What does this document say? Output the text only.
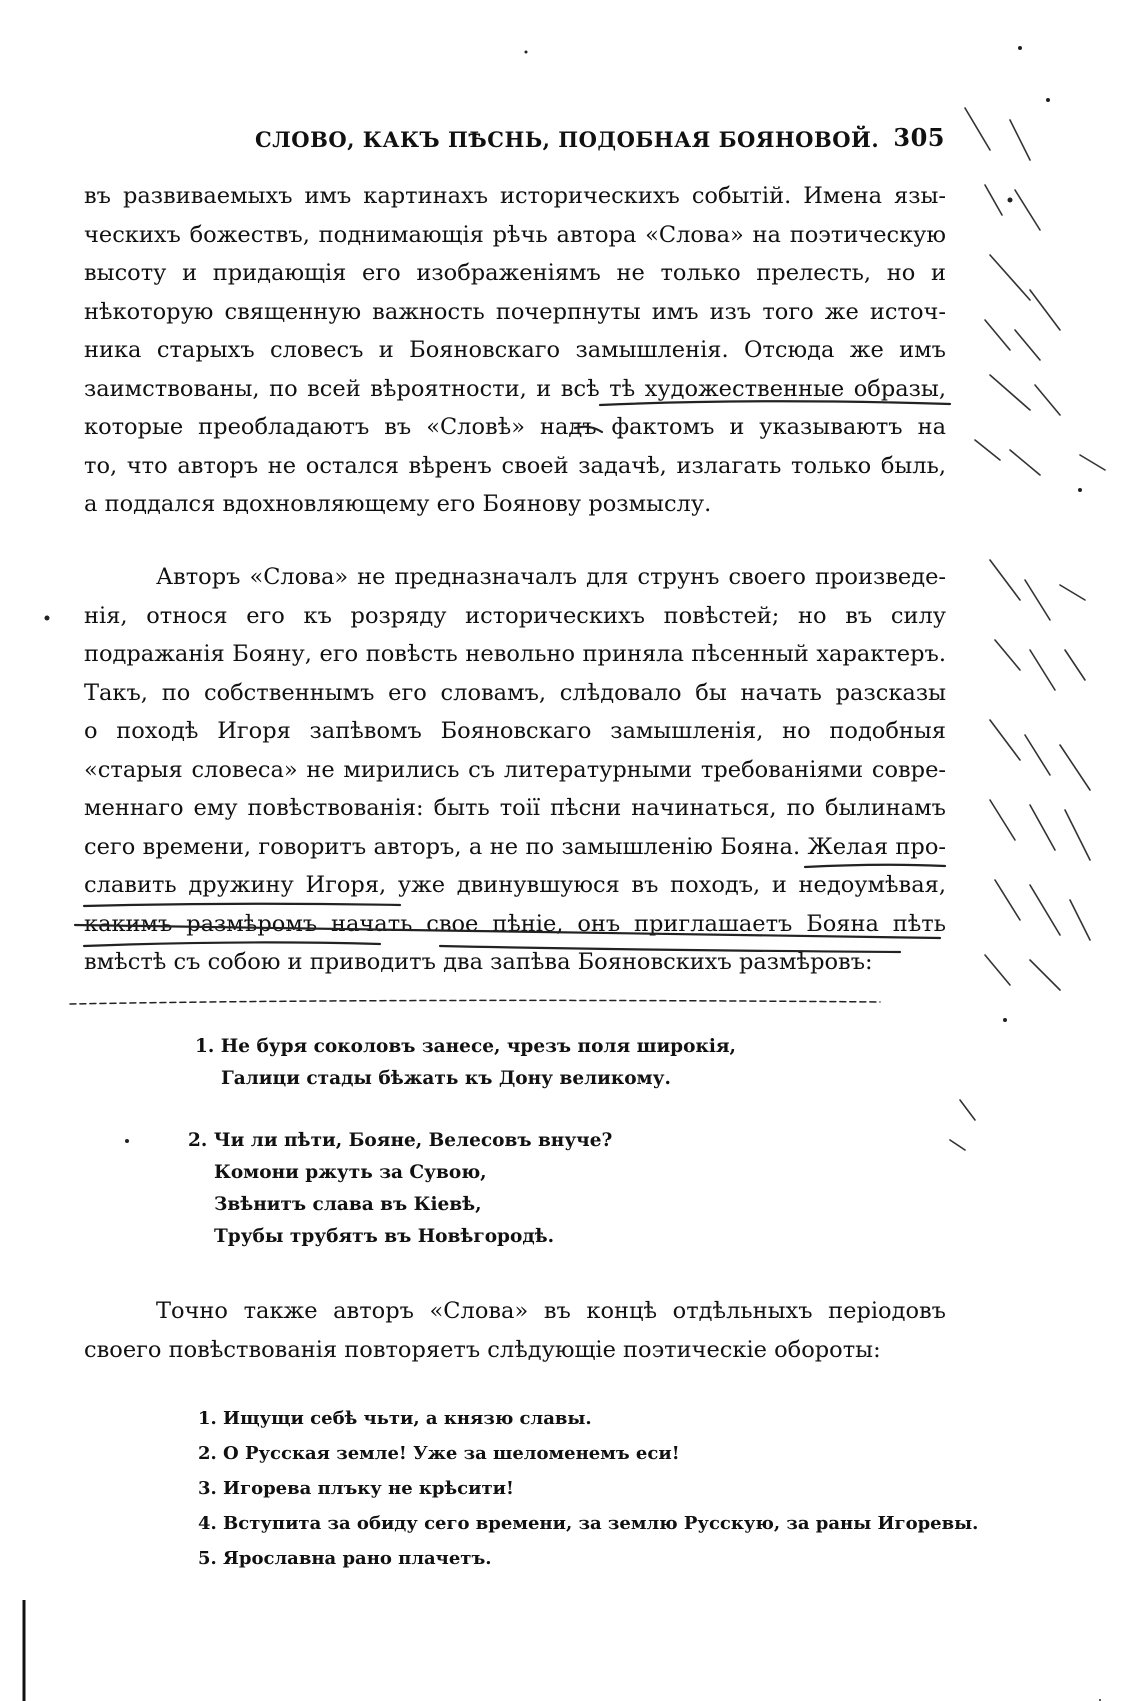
СЛОВО, КАКЪ ПѢСНЬ, ПОДОБНАЯ БОЯНОВОЙ. 305
въ развиваемыхъ имъ картинахъ историческихъ событій. Имена язы-
ческихъ божествъ, поднимающія рѣчь автора «Слова» на поэтическую
высоту и придающія его изображеніямъ не только прелесть, но и
нѣкоторую священную важность почерпнуты имъ изъ того же источ-
ника старыхъ словесъ и Бояновскаго замышленія. Отсюда же имъ
заимствованы, по всей вѣроятности, и всѣ тѣ художественные образы,
которые преобладаютъ въ «Словѣ» надъ фактомъ и указываютъ на
то, что авторъ не остался вѣренъ своей задачѣ, излагать только быль,
а поддался вдохновляющему его Боянову розмыслу.
Авторъ «Слова» не предназначалъ для струнъ своего произведе-
нія, относя его къ розряду историческихъ повѣстей; но въ силу
подражанія Бояну, его повѣсть невольно приняла пѣсенный характеръ.
Такъ, по собственнымъ его словамъ, слѣдовало бы начать разсказы
о походѣ Игоря запѣвомъ Бояновскаго замышленія, но подобныя
«старыя словеса» не мирились съ литературными требованіями совре-
меннаго ему повѣствованія: быть тоії пѣсни начинаться, по былинамъ
сего времени, говоритъ авторъ, а не по замышленію Бояна. Желая про-
славить дружину Игоря, уже двинувшуюся въ походъ, и недоумѣвая,
какимъ размѣромъ начать свое пѣніе, онъ приглашаетъ Бояна пѣть
вмѣстѣ съ собою и приводитъ два запѣва Бояновскихъ размѣровъ:
1. Не буря соколовъ занесе, чрезъ поля широкія,
Галици стады бѣжать къ Дону великому.
2. Чи ли пѣти, Бояне, Велесовъ внуче?
Комони ржуть за Сувою,
Звѣнитъ слава въ Кіевѣ,
Трубы трубятъ въ Новѣгородѣ.
Точно также авторъ «Слова» въ концѣ отдѣльныхъ періодовъ
своего повѣствованія повторяетъ слѣдующіе поэтическіе обороты:
1. Ищущи себѣ чьти, а князю славы.
2. О Русская земле! Уже за шеломенемъ еси!
3. Игорева плъку не крѣсити!
4. Вступита за обиду сего времени, за землю Русскую, за раны Игоревы.
5. Ярославна рано плачетъ.
